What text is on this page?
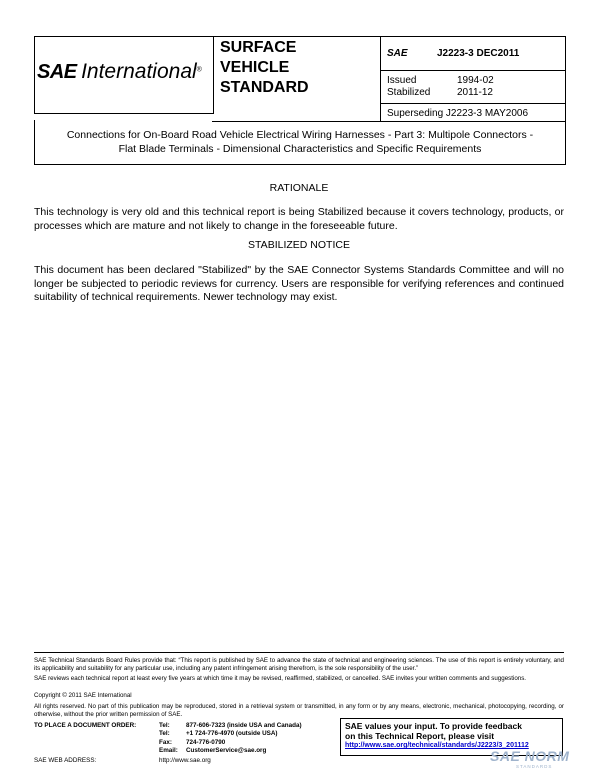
SAE International®
SURFACE
VEHICLE
STANDARD
SAE	J2223-3 DEC2011
Issued	1994-02
Stabilized	2011-12
Superseding J2223-3 MAY2006
Connections for On-Board Road Vehicle Electrical Wiring Harnesses - Part 3: Multipole Connectors -
Flat Blade Terminals - Dimensional Characteristics and Specific Requirements
RATIONALE
This technology is very old and this technical report is being Stabilized because it covers technology, products, or processes which are mature and not likely to change in the foreseeable future.
STABILIZED NOTICE
This document has been declared "Stabilized" by the SAE Connector Systems Standards Committee and will no longer be subjected to periodic reviews for currency. Users are responsible for verifying references and continued suitability of technical requirements. Newer technology may exist.
SAE Technical Standards Board Rules provide that: “This report is published by SAE to advance the state of technical and engineering sciences. The use of this report is entirely voluntary, and its applicability and suitability for any particular use, including any patent infringement arising therefrom, is the sole responsibility of the user.”
SAE reviews each technical report at least every five years at which time it may be revised, reaffirmed, stabilized, or cancelled. SAE invites your written comments and suggestions.
Copyright © 2011 SAE International
All rights reserved. No part of this publication may be reproduced, stored in a retrieval system or transmitted, in any form or by any means, electronic, mechanical, photocopying, recording, or otherwise, without the prior written permission of SAE.
TO PLACE A DOCUMENT ORDER:	Tel:	877-606-7323 (inside USA and Canada)
Tel:	+1 724-776-4970 (outside USA)
Fax: 724-776-0790
Email: CustomerService@sae.org
SAE WEB ADDRESS:	http://www.sae.org
SAE values your input. To provide feedback
on this Technical Report, please visit
http://www.sae.org/technical/standards/J2223/3_201112
SAE NORM
STANDARDS
